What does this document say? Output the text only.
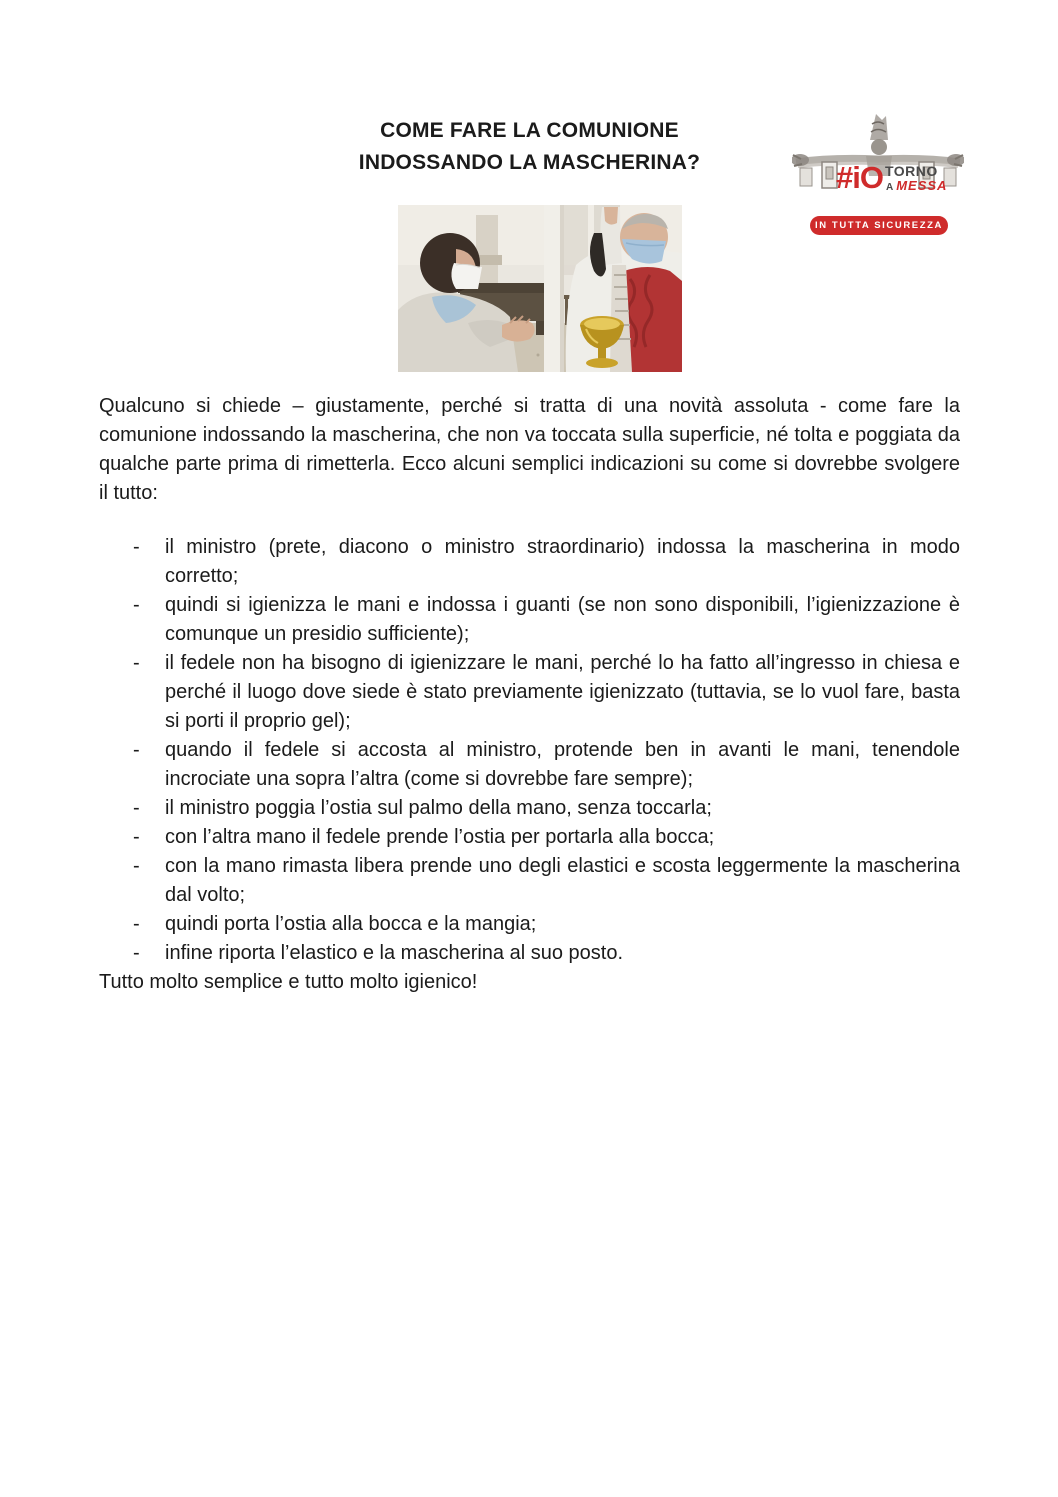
COME FARE LA COMUNIONE
INDOSSANDO LA MASCHERINA?	#iO TORNO
A MESSA
IN TUTTA SICUREZZA

Qualcuno si chiede – giustamente, perché si tratta di una novità assoluta - come fare la comunione indossando la mascherina, che non va toccata sulla superficie, né tolta e poggiata da qualche parte prima di rimetterla. Ecco alcuni semplici indicazioni su come si dovrebbe svolgere il tutto:

-	il ministro (prete, diacono o ministro straordinario) indossa la mascherina in modo corretto;
-	quindi si igienizza le mani e indossa i guanti (se non sono disponibili, l’igienizzazione è comunque un presidio sufficiente);
-	il fedele non ha bisogno di igienizzare le mani, perché lo ha fatto all’ingresso in chiesa e perché il luogo dove siede è stato previamente igienizzato (tuttavia, se lo vuol fare, basta si porti il proprio gel);
-	quando il fedele si accosta al ministro, protende ben in avanti le mani, tenendole incrociate una sopra l’altra (come si dovrebbe fare sempre);
-	il ministro poggia l’ostia sul palmo della mano, senza toccarla;
-	con l’altra mano il fedele prende l’ostia per portarla alla bocca;
-	con la mano rimasta libera prende uno degli elastici e scosta leggermente la mascherina dal volto;
-	quindi porta l’ostia alla bocca e la mangia;
-	infine riporta l’elastico e la mascherina al suo posto.

Tutto molto semplice e tutto molto igienico!
